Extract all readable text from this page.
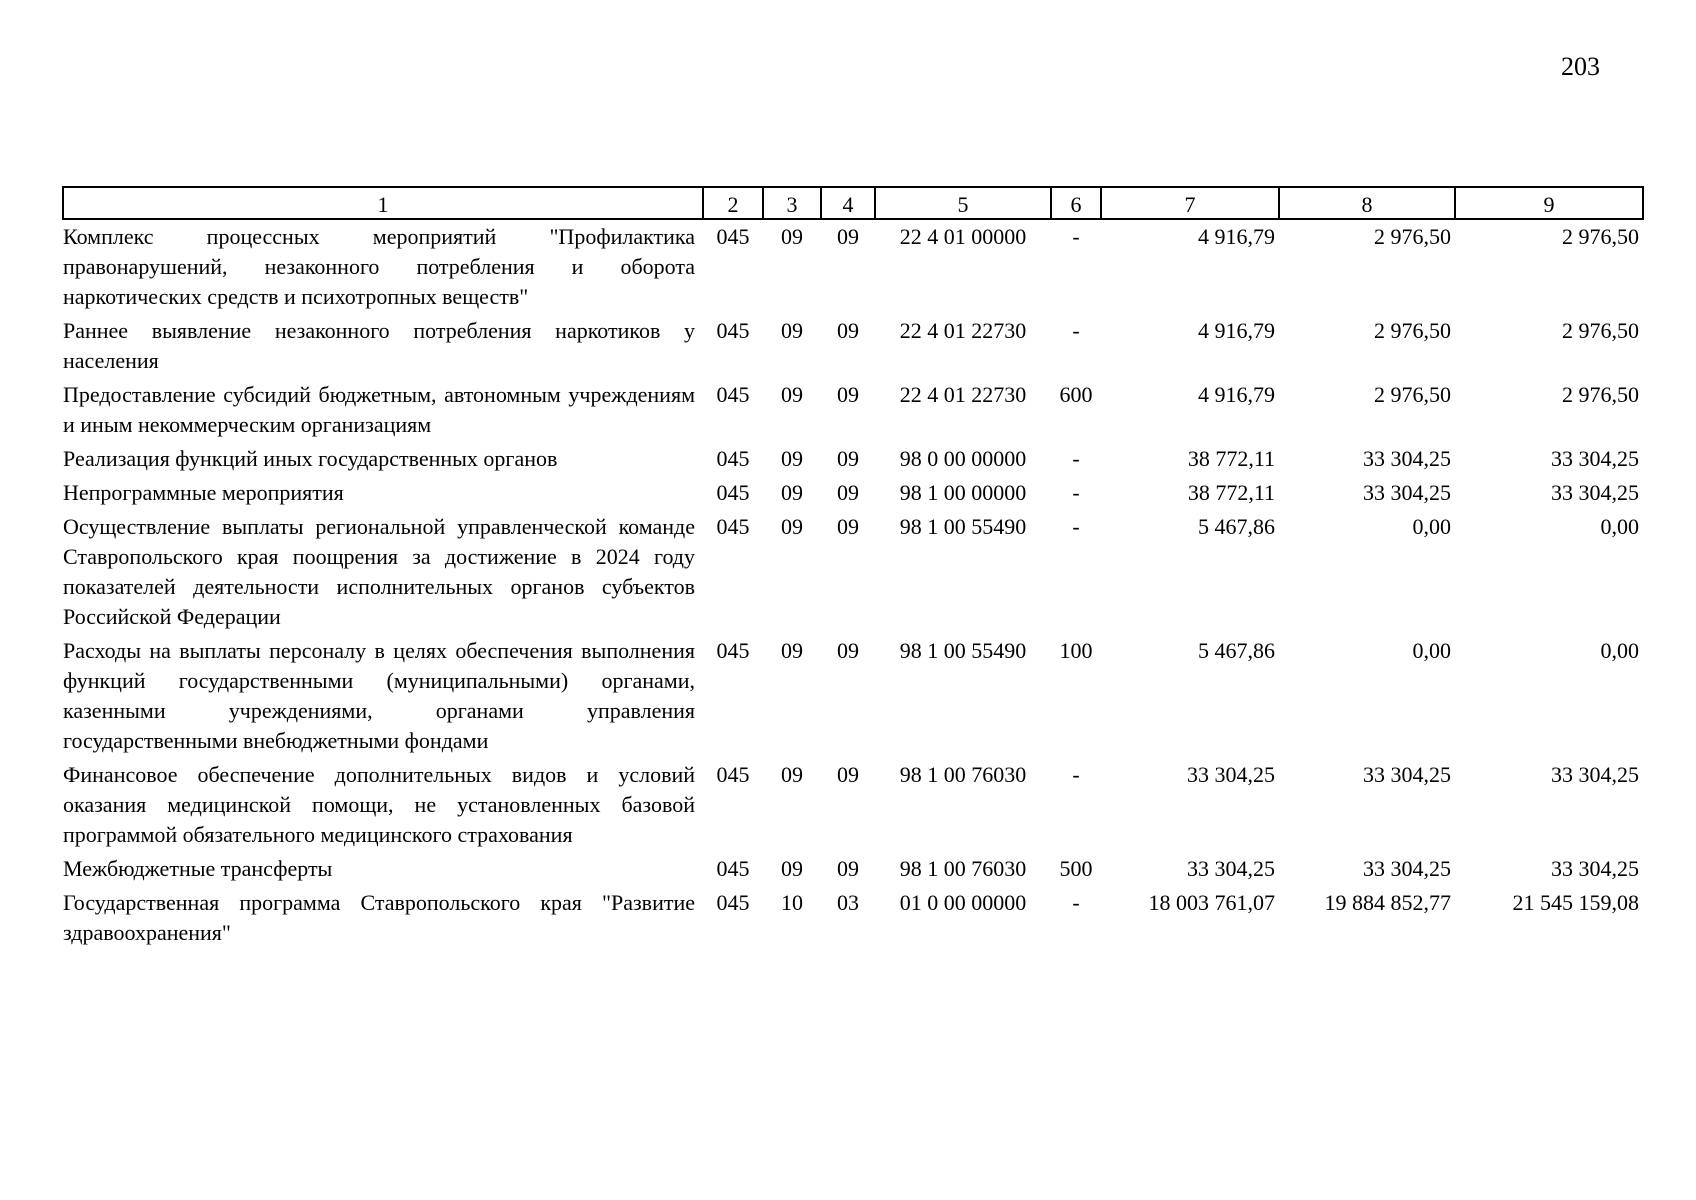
203
1	2	3	4	5	6	7	8	9
Комплекс процессных мероприятий "Профилактика правонарушений, незаконного потребления и оборота наркотических средств и психотропных веществ"	045	09	09	22 4 01 00000	-	4 916,79	2 976,50	2 976,50
Раннее выявление незаконного потребления наркотиков у населения	045	09	09	22 4 01 22730	-	4 916,79	2 976,50	2 976,50
Предоставление субсидий бюджетным, автономным учреждениям и иным некоммерческим организациям	045	09	09	22 4 01 22730	600	4 916,79	2 976,50	2 976,50
Реализация функций иных государственных органов	045	09	09	98 0 00 00000	-	38 772,11	33 304,25	33 304,25
Непрограммные мероприятия	045	09	09	98 1 00 00000	-	38 772,11	33 304,25	33 304,25
Осуществление выплаты региональной управленческой команде Ставропольского края поощрения за достижение в 2024 году показателей деятельности исполнительных органов субъектов Российской Федерации	045	09	09	98 1 00 55490	-	5 467,86	0,00	0,00
Расходы на выплаты персоналу в целях обеспечения выполнения функций государственными (муниципальными) органами, казенными учреждениями, органами управления государственными внебюджетными фондами	045	09	09	98 1 00 55490	100	5 467,86	0,00	0,00
Финансовое обеспечение дополнительных видов и условий оказания медицинской помощи, не установленных базовой программой обязательного медицинского страхования	045	09	09	98 1 00 76030	-	33 304,25	33 304,25	33 304,25
Межбюджетные трансферты	045	09	09	98 1 00 76030	500	33 304,25	33 304,25	33 304,25
Государственная программа Ставропольского края "Развитие здравоохранения"	045	10	03	01 0 00 00000	-	18 003 761,07	19 884 852,77	21 545 159,08
